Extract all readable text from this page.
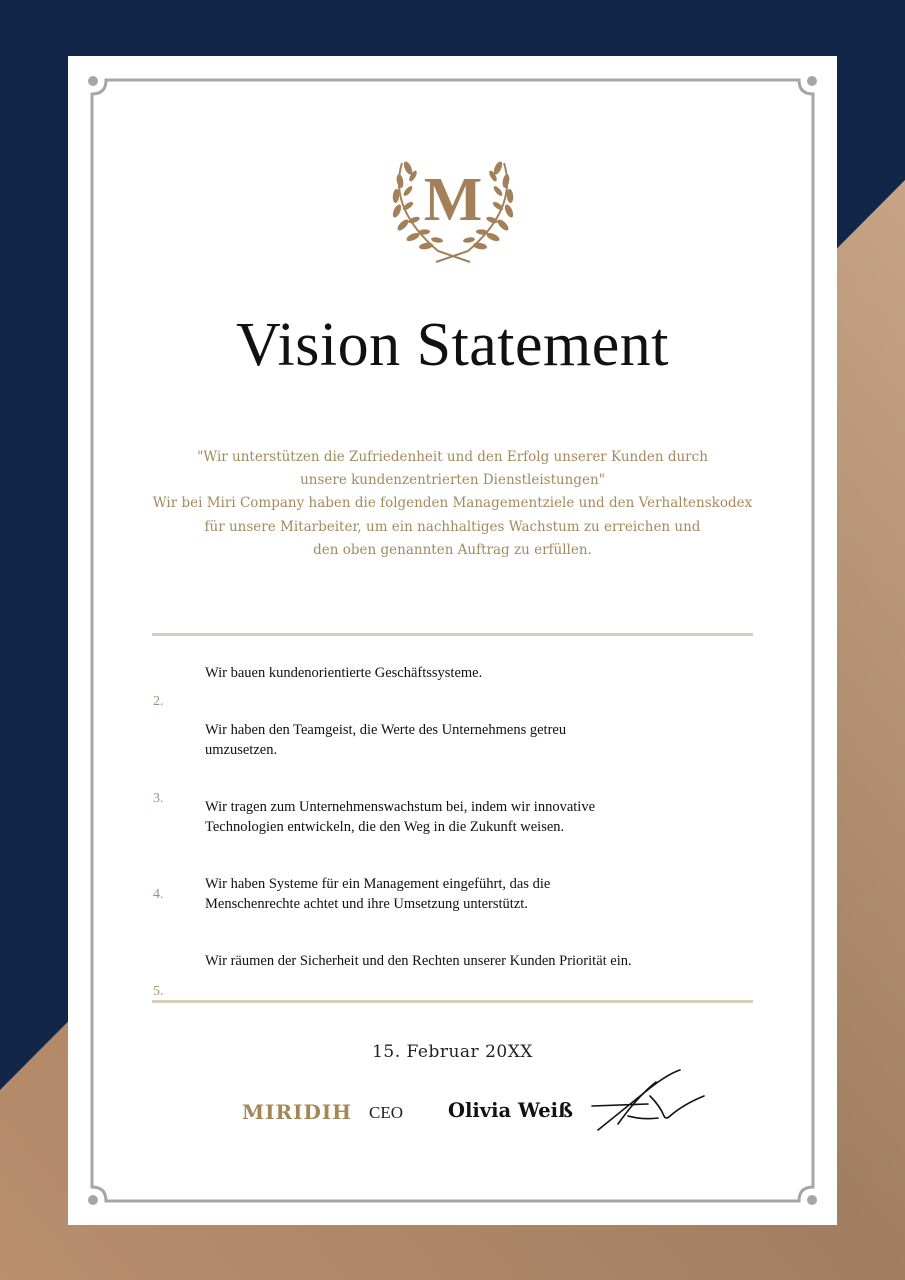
M
Vision Statement
"Wir unterstützen die Zufriedenheit und den Erfolg unserer Kunden durch
unsere kundenzentrierten Dienstleistungen"
Wir bei Miri Company haben die folgenden Managementziele und den Verhaltenskodex
für unsere Mitarbeiter, um ein nachhaltiges Wachstum zu erreichen und
den oben genannten Auftrag zu erfüllen.
Wir bauen kundenorientierte Geschäftssysteme.
2.
Wir haben den Teamgeist, die Werte des Unternehmens getreu
umzusetzen.
3.
Wir tragen zum Unternehmenswachstum bei, indem wir innovative
Technologien entwickeln, die den Weg in die Zukunft weisen.
4.
Wir haben Systeme für ein Management eingeführt, das die
Menschenrechte achtet und ihre Umsetzung unterstützt.
Wir räumen der Sicherheit und den Rechten unserer Kunden Priorität ein.
5.
15. Februar 20XX
MIRIDIH CEO Olivia Weiß
